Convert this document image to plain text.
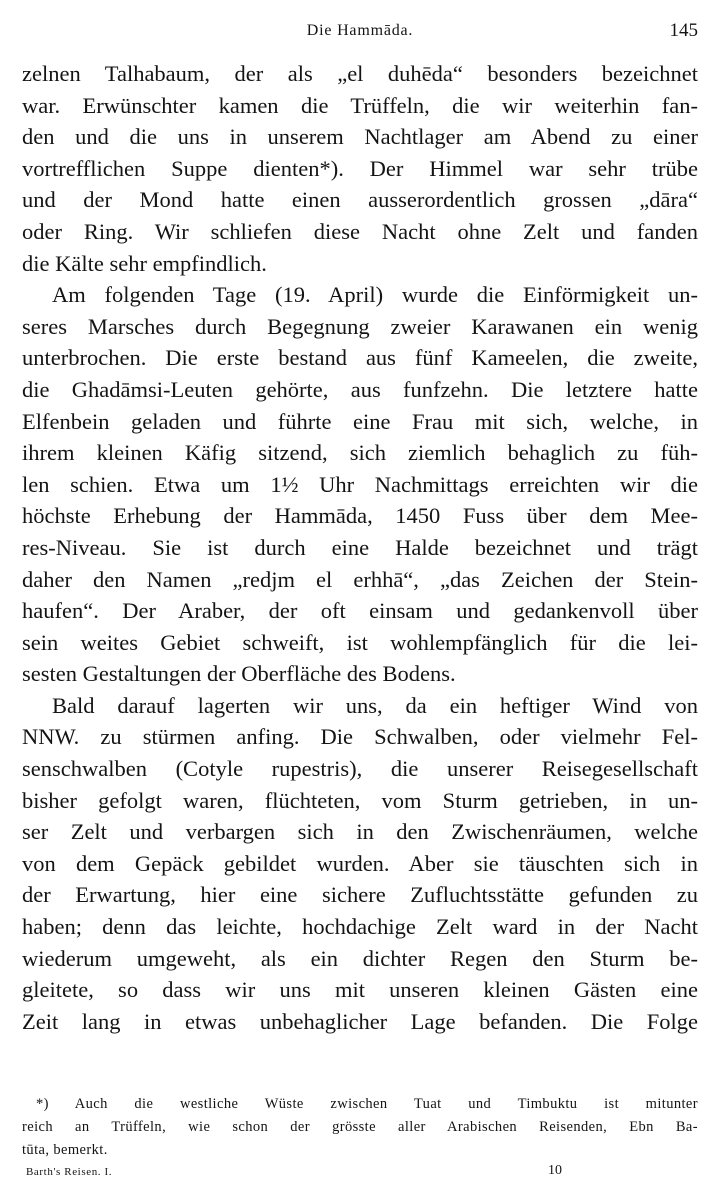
Die Hammāda.	145
zelnen Talhabaum, der als „el duhēda“ besonders bezeichnet
war. Erwünschter kamen die Trüffeln, die wir weiterhin fan-
den und die uns in unserem Nachtlager am Abend zu einer
vortrefflichen Suppe dienten*). Der Himmel war sehr trübe
und der Mond hatte einen ausserordentlich grossen „dāra“
oder Ring. Wir schliefen diese Nacht ohne Zelt und fanden
die Kälte sehr empfindlich.
Am folgenden Tage (19. April) wurde die Einförmigkeit un-
seres Marsches durch Begegnung zweier Karawanen ein wenig
unterbrochen. Die erste bestand aus fünf Kameelen, die zweite,
die Ghadāmsi-Leuten gehörte, aus funfzehn. Die letztere hatte
Elfenbein geladen und führte eine Frau mit sich, welche, in
ihrem kleinen Käfig sitzend, sich ziemlich behaglich zu füh-
len schien. Etwa um 1½ Uhr Nachmittags erreichten wir die
höchste Erhebung der Hammāda, 1450 Fuss über dem Mee-
res-Niveau. Sie ist durch eine Halde bezeichnet und trägt
daher den Namen „redjm el erhhā“, „das Zeichen der Stein-
haufen“. Der Araber, der oft einsam und gedankenvoll über
sein weites Gebiet schweift, ist wohlempfänglich für die lei-
sesten Gestaltungen der Oberfläche des Bodens.
Bald darauf lagerten wir uns, da ein heftiger Wind von
NNW. zu stürmen anfing. Die Schwalben, oder vielmehr Fel-
senschwalben (Cotyle rupestris), die unserer Reisegesellschaft
bisher gefolgt waren, flüchteten, vom Sturm getrieben, in un-
ser Zelt und verbargen sich in den Zwischenräumen, welche
von dem Gepäck gebildet wurden. Aber sie täuschten sich in
der Erwartung, hier eine sichere Zufluchtsstätte gefunden zu
haben; denn das leichte, hochdachige Zelt ward in der Nacht
wiederum umgeweht, als ein dichter Regen den Sturm be-
gleitete, so dass wir uns mit unseren kleinen Gästen eine
Zeit lang in etwas unbehaglicher Lage befanden. Die Folge
*) Auch die westliche Wüste zwischen Tuat und Timbuktu ist mitunter
reich an Trüffeln, wie schon der grösste aller Arabischen Reisenden, Ebn Ba-
tūta, bemerkt.
Barth's Reisen. I.	10
